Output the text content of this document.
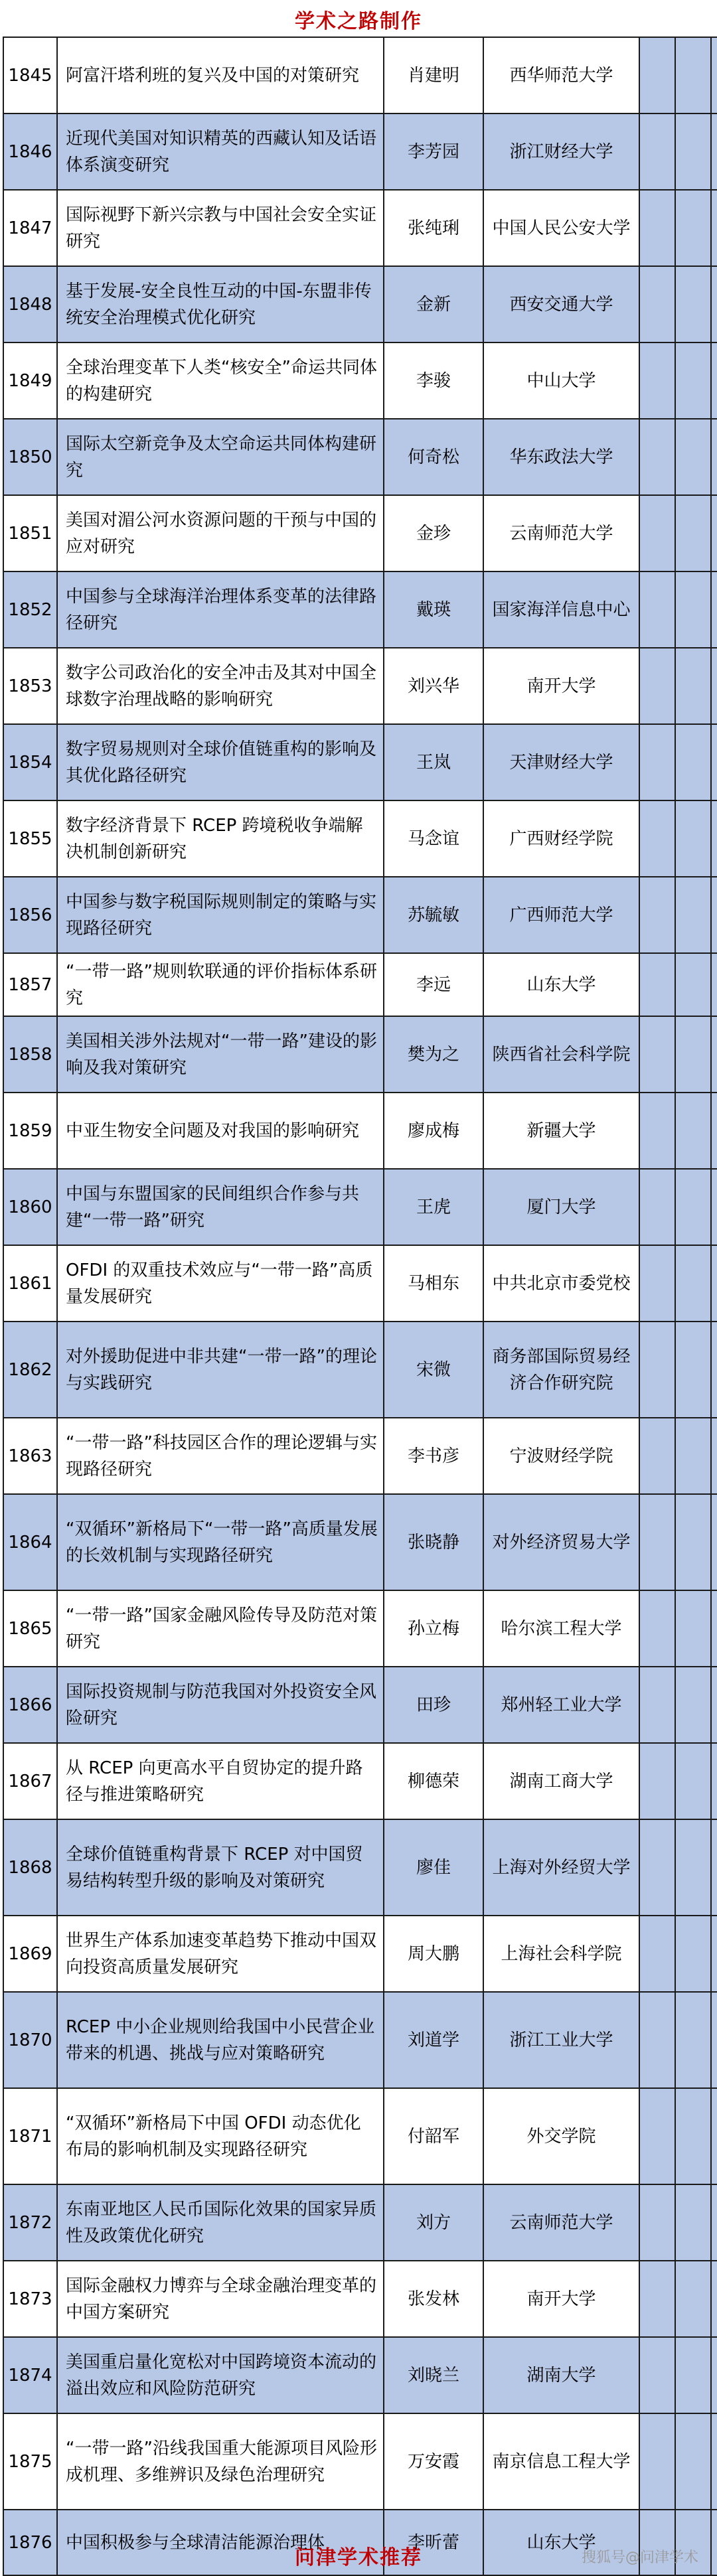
学术之路制作
1845	阿富汗塔利班的复兴及中国的对策研究	肖建明	西华师范大学			
1846	近现代美国对知识精英的西藏认知及话语体系演变研究	李芳园	浙江财经大学			
1847	国际视野下新兴宗教与中国社会安全实证研究	张纯琍	中国人民公安大学			
1848	基于发展-安全良性互动的中国-东盟非传统安全治理模式优化研究	金新	西安交通大学			
1849	全球治理变革下人类“核安全”命运共同体的构建研究	李骏	中山大学			
1850	国际太空新竞争及太空命运共同体构建研究	何奇松	华东政法大学			
1851	美国对湄公河水资源问题的干预与中国的应对研究	金珍	云南师范大学			
1852	中国参与全球海洋治理体系变革的法律路径研究	戴瑛	国家海洋信息中心			
1853	数字公司政治化的安全冲击及其对中国全球数字治理战略的影响研究	刘兴华	南开大学			
1854	数字贸易规则对全球价值链重构的影响及其优化路径研究	王岚	天津财经大学			
1855	数字经济背景下 RCEP 跨境税收争端解决机制创新研究	马念谊	广西财经学院			
1856	中国参与数字税国际规则制定的策略与实现路径研究	苏毓敏	广西师范大学			
1857	“一带一路”规则软联通的评价指标体系研究	李远	山东大学			
1858	美国相关涉外法规对“一带一路”建设的影响及我对策研究	樊为之	陕西省社会科学院			
1859	中亚生物安全问题及对我国的影响研究	廖成梅	新疆大学			
1860	中国与东盟国家的民间组织合作参与共建“一带一路”研究	王虎	厦门大学			
1861	OFDI 的双重技术效应与“一带一路”高质量发展研究	马相东	中共北京市委党校			
1862	对外援助促进中非共建“一带一路”的理论与实践研究	宋微	商务部国际贸易经济合作研究院			
1863	“一带一路”科技园区合作的理论逻辑与实现路径研究	李书彦	宁波财经学院			
1864	“双循环”新格局下“一带一路”高质量发展的长效机制与实现路径研究	张晓静	对外经济贸易大学			
1865	“一带一路”国家金融风险传导及防范对策研究	孙立梅	哈尔滨工程大学			
1866	国际投资规制与防范我国对外投资安全风险研究	田珍	郑州轻工业大学			
1867	从 RCEP 向更高水平自贸协定的提升路径与推进策略研究	柳德荣	湖南工商大学			
1868	全球价值链重构背景下 RCEP 对中国贸易结构转型升级的影响及对策研究	廖佳	上海对外经贸大学			
1869	世界生产体系加速变革趋势下推动中国双向投资高质量发展研究	周大鹏	上海社会科学院			
1870	RCEP 中小企业规则给我国中小民营企业带来的机遇、挑战与应对策略研究	刘道学	浙江工业大学			
1871	“双循环”新格局下中国 OFDI 动态优化布局的影响机制及实现路径研究	付韶军	外交学院			
1872	东南亚地区人民币国际化效果的国家异质性及政策优化研究	刘方	云南师范大学			
1873	国际金融权力博弈与全球金融治理变革的中国方案研究	张发林	南开大学			
1874	美国重启量化宽松对中国跨境资本流动的溢出效应和风险防范研究	刘晓兰	湖南大学			
1875	“一带一路”沿线我国重大能源项目风险形成机理、多维辨识及绿色治理研究	万安霞	南京信息工程大学			
1876	中国积极参与全球清洁能源治理体	李昕蕾	山东大学			
问津学术推荐	搜狐号@问津学术
